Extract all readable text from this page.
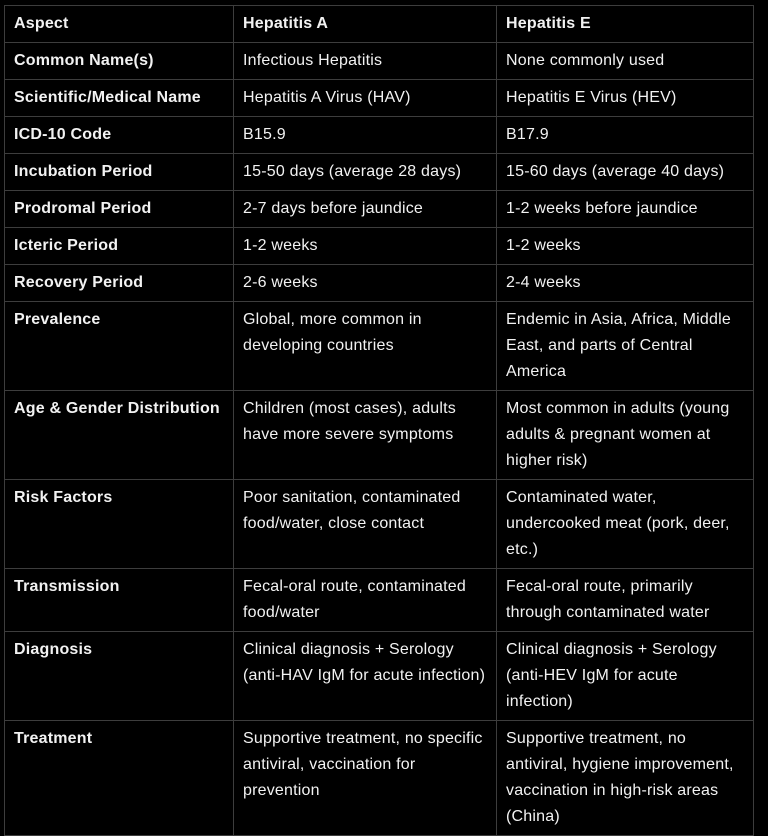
Aspect	Hepatitis A	Hepatitis E
Common Name(s)	Infectious Hepatitis	None commonly used
Scientific/Medical Name	Hepatitis A Virus (HAV)	Hepatitis E Virus (HEV)
ICD-10 Code	B15.9	B17.9
Incubation Period	15-50 days (average 28 days)	15-60 days (average 40 days)
Prodromal Period	2-7 days before jaundice	1-2 weeks before jaundice
Icteric Period	1-2 weeks	1-2 weeks
Recovery Period	2-6 weeks	2-4 weeks
Prevalence	Global, more common in developing countries	Endemic in Asia, Africa, Middle East, and parts of Central America
Age & Gender Distribution	Children (most cases), adults have more severe symptoms	Most common in adults (young adults & pregnant women at higher risk)
Risk Factors	Poor sanitation, contaminated food/water, close contact	Contaminated water, undercooked meat (pork, deer, etc.)
Transmission	Fecal-oral route, contaminated food/water	Fecal-oral route, primarily through contaminated water
Diagnosis	Clinical diagnosis + Serology (anti-HAV IgM for acute infection)	Clinical diagnosis + Serology (anti-HEV IgM for acute infection)
Treatment	Supportive treatment, no specific antiviral, vaccination for prevention	Supportive treatment, no antiviral, hygiene improvement, vaccination in high-risk areas (China)
